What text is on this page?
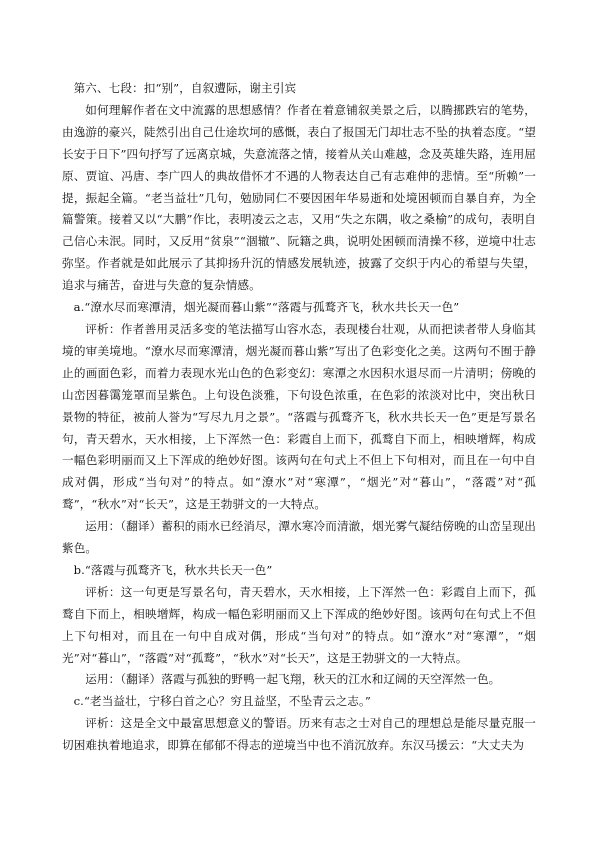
第六、七段：扣“别”，自叙遭际，谢主引宾

如何理解作者在文中流露的思想感情？作者在着意铺叙美景之后，以腾挪跌宕的笔势，由逸游的豪兴，陡然引出自己仕途坎坷的感慨，表白了报国无门却壮志不坠的执着态度。“望长安于日下”四句抒写了远离京城，失意流落之情，接着从关山难越，念及英雄失路，连用屈原、贾谊、冯唐、李广四人的典故借怀才不遇的人物表达自己有志难伸的悲情。至“所赖”一提，振起全篇。“老当益壮”几句，勉励同仁不要因困年华易逝和处境困顿而自暴自弃，为全篇警策。接着又以“大鹏”作比，表明凌云之志，又用“失之东隅，收之桑榆”的成句，表明自己信心未泯。同时，又反用“贫泉”“涸辙”、阮籍之典，说明处困顿而清操不移，逆境中壮志弥坚。作者就是如此展示了其抑扬升沉的情感发展轨迹，披露了交织于内心的希望与失望，追求与痛苦，奋进与失意的复杂情感。

a.“潦水尽而寒潭清，烟光凝而暮山紫”“落霞与孤鹜齐飞，秋水共长天一色”

评析：作者善用灵活多变的笔法描写山容水态，表现楼台壮观，从而把读者带人身临其境的审美境地。“潦水尽而寒潭清，烟光凝而暮山紫”写出了色彩变化之美。这两句不囿于静止的画面色彩，而着力表现水光山色的色彩变幻：寒潭之水因积水退尽而一片清明；傍晚的山峦因暮霭笼罩而呈紫色。上句设色淡雅，下句设色浓重，在色彩的浓淡对比中，突出秋日景物的特征，被前人誉为“写尽九月之景”。“落霞与孤鹜齐飞，秋水共长天一色”更是写景名句，青天碧水，天水相接，上下浑然一色：彩霞自上而下，孤鹜自下而上，相映增辉，构成一幅色彩明丽而又上下浑成的绝妙好图。该两句在句式上不但上下句相对，而且在一句中自成对偶，形成“当句对”的特点。如“潦水”对“寒潭”，“烟光”对“暮山”，“落霞”对“孤鹜”，“秋水”对“长天”，这是王勃骈文的一大特点。

运用：（翻译）蓄积的雨水已经消尽，潭水寒冷而清澈，烟光雾气凝结傍晚的山峦呈现出紫色。

b.“落霞与孤鹜齐飞，秋水共长天一色”

评析：这一句更是写景名句，青天碧水，天水相接，上下浑然一色：彩霞自上而下，孤鹜自下而上，相映增辉，构成一幅色彩明丽而又上下浑成的绝妙好图。该两句在句式上不但上下句相对，而且在一句中自成对偶，形成“当句对”的特点。如“潦水”对“寒潭”，“烟光”对“暮山”，“落霞”对“孤鹜”，“秋水”对“长天”，这是王勃骈文的一大特点。

运用：（翻译）落霞与孤独的野鸭一起飞翔，秋天的江水和辽阔的天空浑然一色。

c.“老当益壮，宁移白首之心？穷且益坚，不坠青云之志。”

评析：这是全文中最富思想意义的警语。历来有志之士对自己的理想总是能尽量克服一切困难执着地追求，即算在郁郁不得志的逆境当中也不消沉放弃。东汉马援云：“大丈夫为
